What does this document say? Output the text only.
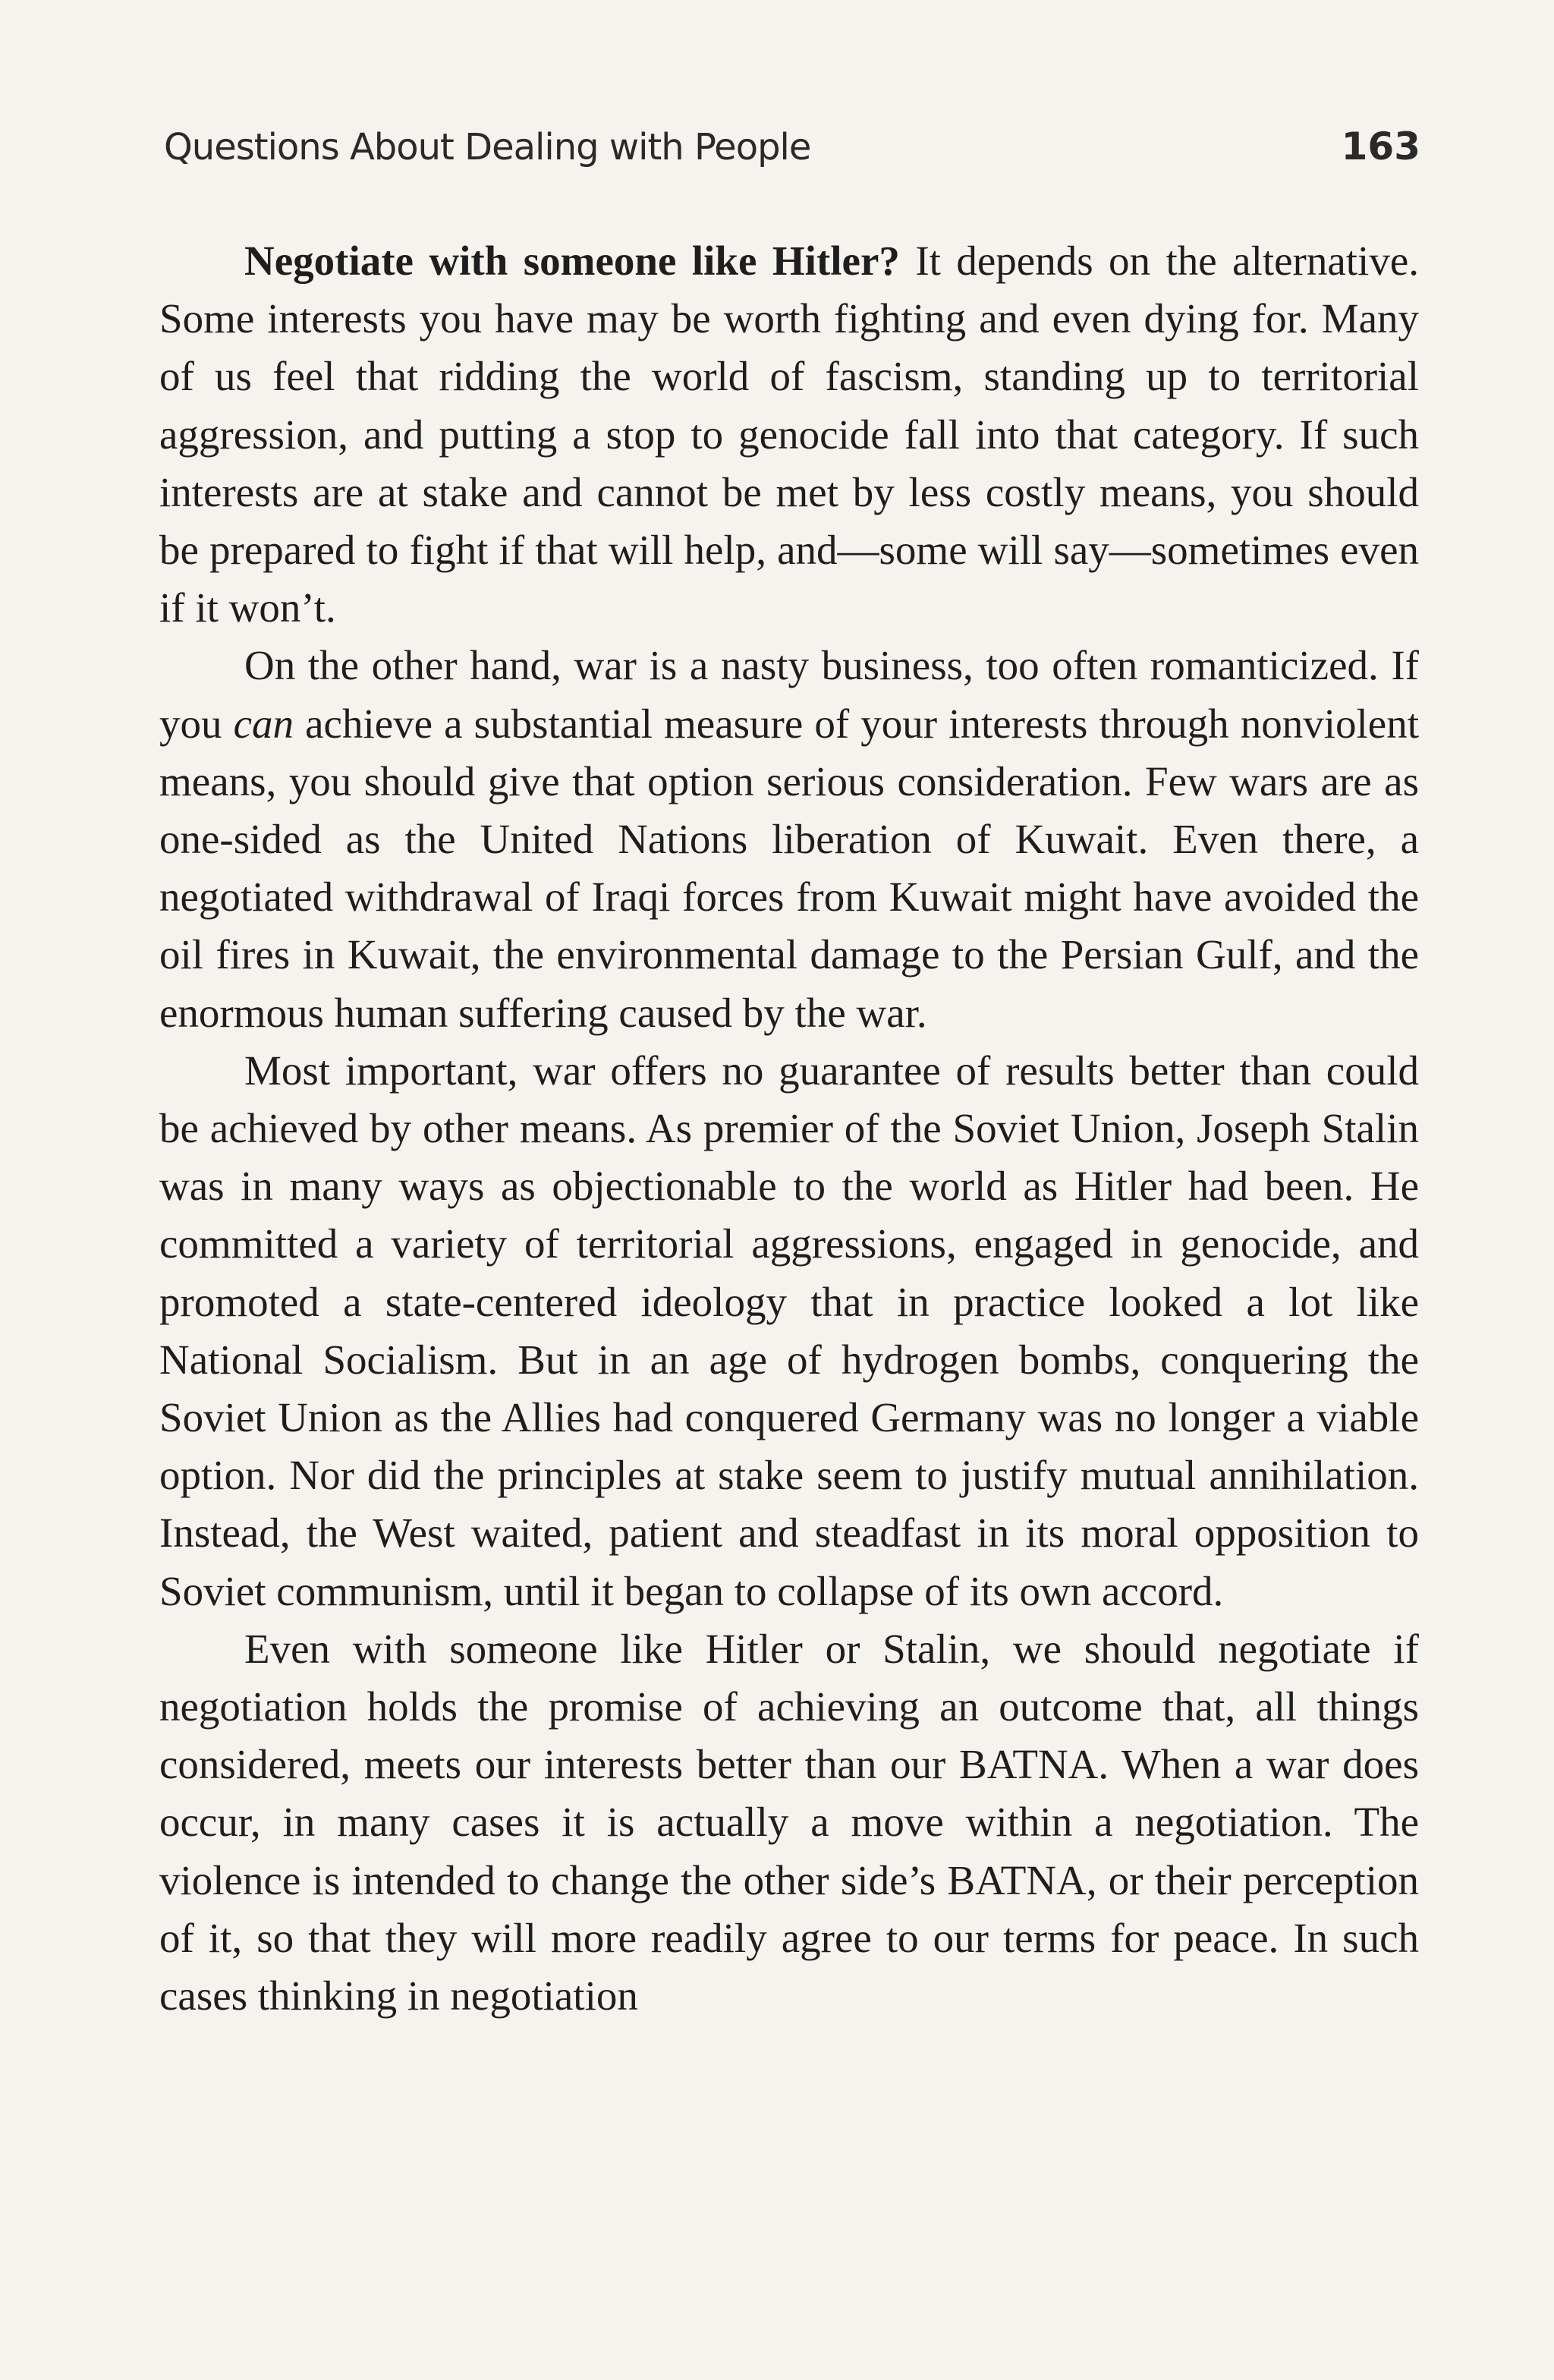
Questions About Dealing with People	163

Negotiate with someone like Hitler? It depends on the alternative. Some interests you have may be worth fighting and even dying for. Many of us feel that ridding the world of fascism, standing up to territorial aggression, and putting a stop to genocide fall into that category. If such interests are at stake and cannot be met by less costly means, you should be prepared to fight if that will help, and—some will say—sometimes even if it won’t.

On the other hand, war is a nasty business, too often romanticized. If you can achieve a substantial measure of your interests through nonviolent means, you should give that option serious consideration. Few wars are as one-sided as the United Nations liberation of Kuwait. Even there, a negotiated withdrawal of Iraqi forces from Kuwait might have avoided the oil fires in Kuwait, the environmental damage to the Persian Gulf, and the enormous human suffering caused by the war.

Most important, war offers no guarantee of results better than could be achieved by other means. As premier of the Soviet Union, Joseph Stalin was in many ways as objectionable to the world as Hitler had been. He committed a variety of territorial aggressions, engaged in genocide, and promoted a state-centered ideology that in practice looked a lot like National Socialism. But in an age of hydrogen bombs, conquering the Soviet Union as the Allies had conquered Germany was no longer a viable option. Nor did the principles at stake seem to justify mutual annihilation. Instead, the West waited, patient and steadfast in its moral opposition to Soviet communism, until it began to collapse of its own accord.

Even with someone like Hitler or Stalin, we should negotiate if negotiation holds the promise of achieving an outcome that, all things considered, meets our interests better than our BATNA. When a war does occur, in many cases it is actually a move within a negotiation. The violence is intended to change the other side’s BATNA, or their perception of it, so that they will more readily agree to our terms for peace. In such cases thinking in negotiation
